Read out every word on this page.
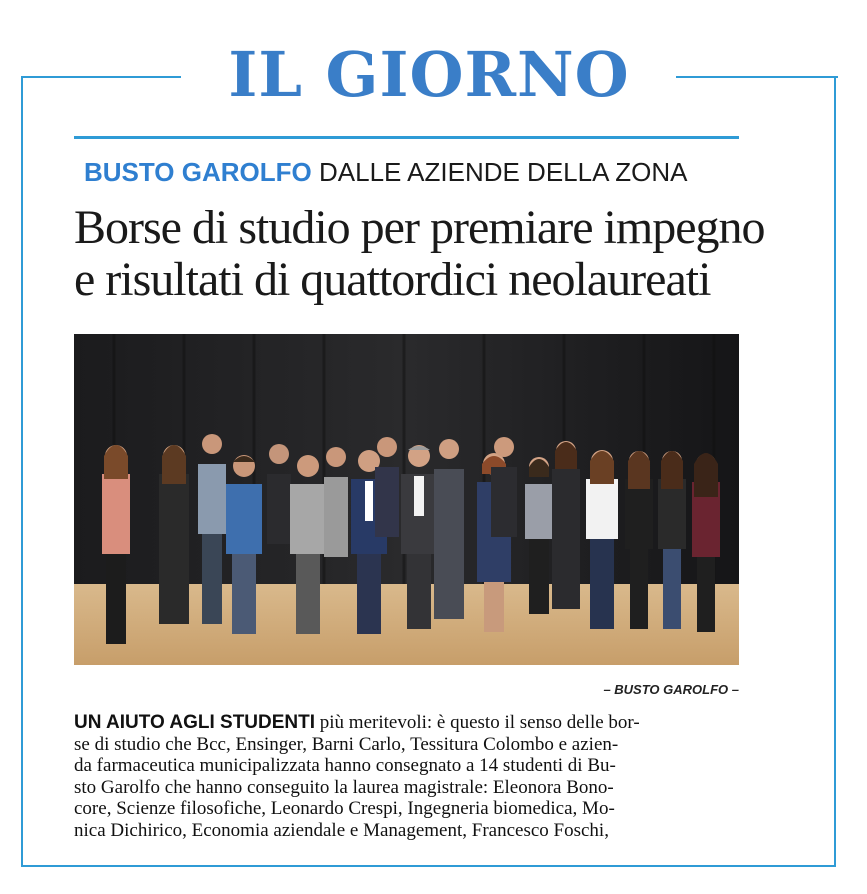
IL GIORNO
BUSTO GAROLFO DALLE AZIENDE DELLA ZONA
Borse di studio per premiare impegno
e risultati di quattordici neolaureati
– BUSTO GAROLFO –
UN AIUTO AGLI STUDENTI più meritevoli: è questo il senso delle bor-
se di studio che Bcc, Ensinger, Barni Carlo, Tessitura Colombo e azien-
da farmaceutica municipalizzata hanno consegnato a 14 studenti di Bu-
sto Garolfo che hanno conseguito la laurea magistrale: Eleonora Bono-
core, Scienze filosofiche, Leonardo Crespi, Ingegneria biomedica, Mo-
nica Dichirico, Economia aziendale e Management, Francesco Foschi,
